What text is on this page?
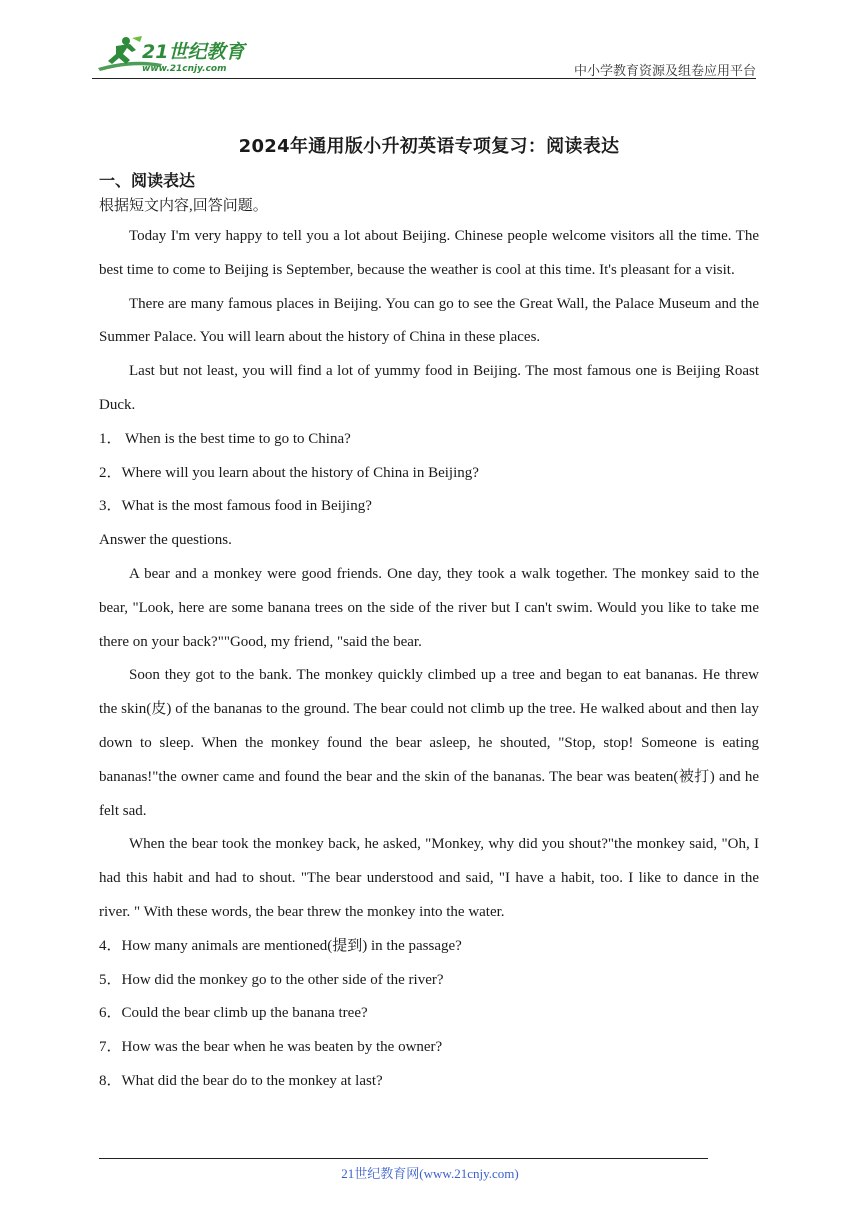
21世纪教育
www.21cnjy.com	中小学教育资源及组卷应用平台
2024年通用版小升初英语专项复习：阅读表达
一、阅读表达
根据短文内容,回答问题。

Today I'm very happy to tell you a lot about Beijing. Chinese people welcome visitors all the time. The best time to come to Beijing is September, because the weather is cool at this time. It's pleasant for a visit.

There are many famous places in Beijing. You can go to see the Great Wall, the Palace Museum and the Summer Palace. You will learn about the history of China in these places.

Last but not least, you will find a lot of yummy food in Beijing. The most famous one is Beijing Roast Duck.

1． When is the best time to go to China?

2．Where will you learn about the history of China in Beijing?

3．What is the most famous food in Beijing?

Answer the questions.

A bear and a monkey were good friends. One day, they took a walk together. The monkey said to the bear, "Look, here are some banana trees on the side of the river but I can't swim. Would you like to take me there on your back?""Good, my friend, "said the bear.

Soon they got to the bank. The monkey quickly climbed up a tree and began to eat bananas. He threw the skin(皮) of the bananas to the ground. The bear could not climb up the tree. He walked about and then lay down to sleep. When the monkey found the bear asleep, he shouted, "Stop, stop! Someone is eating bananas!"the owner came and found the bear and the skin of the bananas. The bear was beaten(被打) and he felt sad.

When the bear took the monkey back, he asked, "Monkey, why did you shout?"the monkey said, "Oh, I had this habit and had to shout. "The bear understood and said, "I have a habit, too. I like to dance in the river. " With these words, the bear threw the monkey into the water.

4．How many animals are mentioned(提到) in the passage?

5．How did the monkey go to the other side of the river?

6．Could the bear climb up the banana tree?

7．How was the bear when he was beaten by the owner?

8．What did the bear do to the monkey at last?

21世纪教育网(www.21cnjy.com)
